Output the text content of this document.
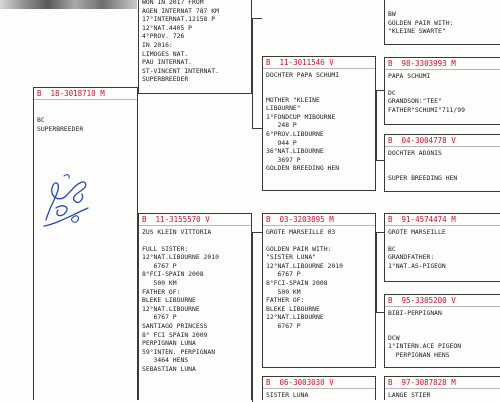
WON IN 2017 FROM
AGEN INTERNAT 787 KM
17°INTERNAT.12158 P
12°NAT.4405 P
4°PROV. 726
IN 2016:
LIMOGES NAT.
PAU INTERNAT.
ST-VINCENT INTERNAT.
SUPERBREEDER
B  18-3018710 M
BC
SUPERBREEDER
B  11-3011546 V
DOCHTER PAPA SCHUMI
MOTHER "KLEINE
LIBOURNE"
1°FONDCUP MIBOURNE
248 P
6°PROV.LIBOURNE
944 P
36°NAT.LIBOURNE
3697 P
GOLDEN BREEDING HEN
BW
GOLDEN PAIR WITH:
"KLEINE SWARTE"
B  98-3303993 M
PAPA SCHUMI
DC
GRANDSON:"TEE"
FATHER"SCHUMI"711/99
B  04-3004778 V
DOCHTER ADONIS
SUPER BREEDING HEN
B  11-3155570 V
ZUS KLEIN VITTORIA
FULL SISTER:
12°NAT.LIBOURNE 2010
6767 P
8°FCI-SPAIN 2008
500 KM
FATHER OF:
BLEKE LIBOURNE
12°NAT.LIBOURNE
6767 P
SANTIAGO PRINCESS
8° FCI SPAIN 2009
PERPIGNAN LUNA
59°INTEN. PERPIGNAN
3464 HENS
SEBASTIAN LUNA
B  03-3203895 M
GROTE MARSEILLE 03
GOLDEN PAIR WITH:
"SISTER LUNA"
12°NAT.LIBOURNE 2010
6767 P
8°FCI-SPAIN 2008
500 KM
FATHER OF:
BLEKE LIBOURNE
12°NAT.LIBOURNE
6767 P
B  91-4574474 M
GROTE MARSEILLE
BC
GRANDFATHER:
1°NAT.AS-PIGEON
B  95-3305200 V
BIBI-PERPIGNAN
DCW
1°INTERN.ACE PIGEON
PERPIGNAN HENS
B  06-3003030 V
SISTER LUNA
B  97-3087828 M
LANGE STIER
